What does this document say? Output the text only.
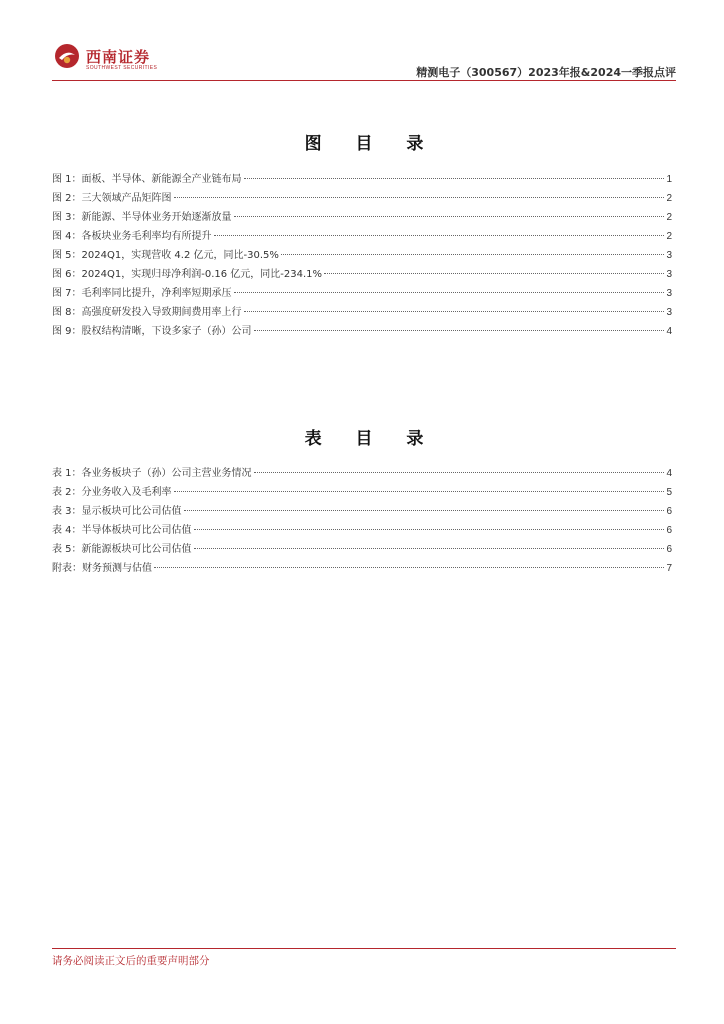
西南证券
SOUTHWEST SECURITIES	精测电子（300567）2023年报&2024一季报点评
图 目 录
图 1：面板、半导体、新能源全产业链布局	1
图 2：三大领域产品矩阵图	2
图 3：新能源、半导体业务开始逐渐放量	2
图 4：各板块业务毛利率均有所提升	2
图 5：2024Q1，实现营收 4.2 亿元，同比-30.5%	3
图 6：2024Q1，实现归母净利润-0.16 亿元，同比-234.1%	3
图 7：毛利率同比提升，净利率短期承压	3
图 8：高强度研发投入导致期间费用率上行	3
图 9：股权结构清晰，下设多家子（孙）公司	4
表 目 录
表 1：各业务板块子（孙）公司主营业务情况	4
表 2：分业务收入及毛利率	5
表 3：显示板块可比公司估值	6
表 4：半导体板块可比公司估值	6
表 5：新能源板块可比公司估值	6
附表：财务预测与估值	7
请务必阅读正文后的重要声明部分
